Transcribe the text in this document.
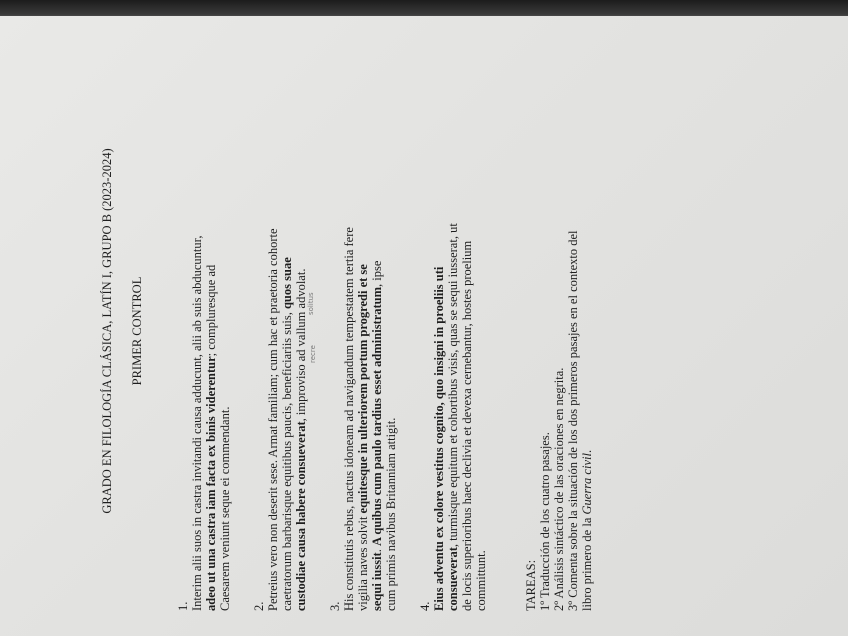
GRADO EN FILOLOGÍA CLÁSICA, LATÍN I, GRUPO B (2023-2024) PRIMER CONTROL
1. Interim alii suos in castra invitandi causa adducunt, alii ab suis abducuntur, adeo ut una castra iam facta ex binis viderentur; compluresque ad
Caesarem veniunt seque ei commendant. 2. Petreius vero non deserit sese. Armat familiam; cum hac et praetoria cohorte caetratorum barbarisque equitibus paucis, beneficiariis suis, quos suae
custodiae causa habere consueverat, improviso ad vallum advolat. recre
solitus
3. His constitutis rebus, nactus idoneam ad navigandum tempestatem tertia fere vigilia naves solvit equitesque in ulteriorem portum progredi et se
sequi iussit. A quibus cum paulo tardius esset administratum, ipse
cum primis navibus Britanniam attigit. 4. Eius adventu ex colore vestitus cognito, quo insigni in proeliis uti consueverat, turmisque equitum et cohortibus visis, quas se sequi iusserat, ut de locis superioribus haec declivia et devexa cernebantur, hostes proelium committunt.	TAREAS: 1º Traducción de los cuatro pasajes. 2º Análisis sintáctico de las oraciones en negrita. 3º Comenta sobre la situación de los dos primeros pasajes en el contexto del libro primero de la Guerra civil.
